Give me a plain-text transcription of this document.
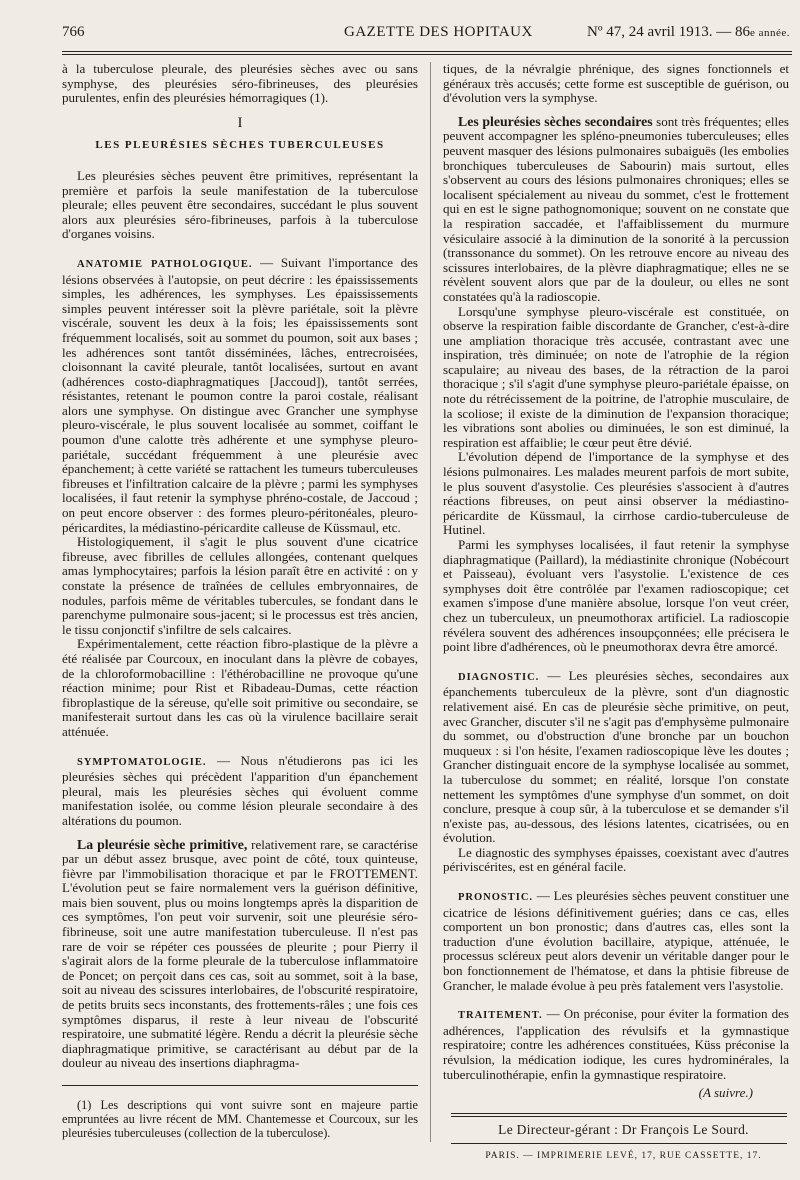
766	GAZETTE DES HOPITAUX	Nº 47, 24 avril 1913. — 86e année.

à la tuberculose pleurale, des pleurésies sèches avec ou sans symphyse, des pleurésies séro-fibrineuses, des pleurésies purulentes, enfin des pleurésies hémorragiques (1).

I
LES PLEURÉSIES SÈCHES TUBERCULEUSES

Les pleurésies sèches peuvent être primitives, représentant la première et parfois la seule manifestation de la tuberculose pleurale; elles peuvent être secondaires, succédant le plus souvent alors aux pleurésies séro-fibrineuses, parfois à la tuberculose d'organes voisins.

ANATOMIE PATHOLOGIQUE. — Suivant l'importance des lésions observées à l'autopsie, on peut décrire : les épaississements simples, les adhérences, les symphyses. Les épaississements simples peuvent intéresser soit la plèvre pariétale, soit la plèvre viscérale, souvent les deux à la fois; les épaississements sont fréquemment localisés, soit au sommet du poumon, soit aux bases ; les adhérences sont tantôt disséminées, lâches, entrecroisées, cloisonnant la cavité pleurale, tantôt localisées, surtout en avant (adhérences costo-diaphragmatiques [Jaccoud]), tantôt serrées, résistantes, retenant le poumon contre la paroi costale, réalisant alors une symphyse. On distingue avec Grancher une symphyse pleuro-viscérale, le plus souvent localisée au sommet, coiffant le poumon d'une calotte très adhérente et une symphyse pleuro-pariétale, succédant fréquemment à une pleurésie avec épanchement; à cette variété se rattachent les tumeurs tuberculeuses fibreuses et l'infiltration calcaire de la plèvre ; parmi les symphyses localisées, il faut retenir la symphyse phréno-costale, de Jaccoud ; on peut encore observer : des formes pleuro-péritonéales, pleuro-péricardites, la médiastino-péricardite calleuse de Küssmaul, etc.

Histologiquement, il s'agit le plus souvent d'une cicatrice fibreuse, avec fibrilles de cellules allongées, contenant quelques amas lymphocytaires; parfois la lésion paraît être en activité : on y constate la présence de traînées de cellules embryonnaires, de nodules, parfois même de véritables tubercules, se fondant dans le parenchyme pulmonaire sous-jacent; si le processus est très ancien, le tissu conjonctif s'infiltre de sels calcaires.

Expérimentalement, cette réaction fibro-plastique de la plèvre a été réalisée par Courcoux, en inoculant dans la plèvre de cobayes, de la chloroformobacilline : l'éthérobacilline ne provoque qu'une réaction minime; pour Rist et Ribadeau-Dumas, cette réaction fibroplastique de la séreuse, qu'elle soit primitive ou secondaire, se manifesterait surtout dans les cas où la virulence bacillaire serait atténuée.

SYMPTOMATOLOGIE. — Nous n'étudierons pas ici les pleurésies sèches qui précèdent l'apparition d'un épanchement pleural, mais les pleurésies sèches qui évoluent comme manifestation isolée, ou comme lésion pleurale secondaire à des altérations du poumon.

La pleurésie sèche primitive, relativement rare, se caractérise par un début assez brusque, avec point de côté, toux quinteuse, fièvre par l'immobilisation thoracique et par le FROTTEMENT. L'évolution peut se faire normalement vers la guérison définitive, mais bien souvent, plus ou moins longtemps après la disparition de ces symptômes, l'on peut voir survenir, soit une pleurésie séro-fibrineuse, soit une autre manifestation tuberculeuse. Il n'est pas rare de voir se répéter ces poussées de pleurite ; pour Pierry il s'agirait alors de la forme pleurale de la tuberculose inflammatoire de Poncet; on perçoit dans ces cas, soit au sommet, soit à la base, soit au niveau des scissures interlobaires, de l'obscurité respiratoire, de petits bruits secs inconstants, des frottements-râles ; une fois ces symptômes disparus, il reste à leur niveau de l'obscurité respiratoire, une submatité légère. Rendu a décrit la pleurésie sèche diaphragmatique primitive, se caractérisant au début par de la douleur au niveau des insertions diaphragma-

(1) Les descriptions qui vont suivre sont en majeure partie empruntées au livre récent de MM. Chantemesse et Courcoux, sur les pleurésies tuberculeuses (collection de la tuberculose).

tiques, de la névralgie phrénique, des signes fonctionnels et généraux très accusés; cette forme est susceptible de guérison, ou d'évolution vers la symphyse.

Les pleurésies sèches secondaires sont très fréquentes; elles peuvent accompagner les spléno-pneumonies tuberculeuses; elles peuvent masquer des lésions pulmonaires subaiguës (les embolies bronchiques tuberculeuses de Sabourin) mais surtout, elles s'observent au cours des lésions pulmonaires chroniques; elles se localisent spécialement au niveau du sommet, c'est le frottement qui en est le signe pathognomonique; souvent on ne constate que la respiration saccadée, et l'affaiblissement du murmure vésiculaire associé à la diminution de la sonorité à la percussion (transsonance du sommet). On les retrouve encore au niveau des scissures interlobaires, de la plèvre diaphragmatique; elles ne se révèlent souvent alors que par de la douleur, ou elles ne sont constatées qu'à la radioscopie.

Lorsqu'une symphyse pleuro-viscérale est constituée, on observe la respiration faible discordante de Grancher, c'est-à-dire une ampliation thoracique très accusée, contrastant avec une inspiration, très diminuée; on note de l'atrophie de la région scapulaire; au niveau des bases, de la rétraction de la paroi thoracique ; s'il s'agit d'une symphyse pleuro-pariétale épaisse, on note du rétrécissement de la poitrine, de l'atrophie musculaire, de la scoliose; il existe de la diminution de l'expansion thoracique; les vibrations sont abolies ou diminuées, le son est diminué, la respiration est affaiblie; le cœur peut être dévié.

L'évolution dépend de l'importance de la symphyse et des lésions pulmonaires. Les malades meurent parfois de mort subite, le plus souvent d'asystolie. Ces pleurésies s'associent à d'autres réactions fibreuses, on peut ainsi observer la médiastino-péricardite de Küssmaul, la cirrhose cardio-tuberculeuse de Hutinel.

Parmi les symphyses localisées, il faut retenir la symphyse diaphragmatique (Paillard), la médiastinite chronique (Nobécourt et Paisseau), évoluant vers l'asystolie. L'existence de ces symphyses doit être contrôlée par l'examen radioscopique; cet examen s'impose d'une manière absolue, lorsque l'on veut créer, chez un tuberculeux, un pneumothorax artificiel. La radioscopie révélera souvent des adhérences insoupçonnées; elle précisera le point libre d'adhérences, où le pneumothorax devra être amorcé.

DIAGNOSTIC. — Les pleurésies sèches, secondaires aux épanchements tuberculeux de la plèvre, sont d'un diagnostic relativement aisé. En cas de pleurésie sèche primitive, on peut, avec Grancher, discuter s'il ne s'agit pas d'emphysème pulmonaire du sommet, ou d'obstruction d'une bronche par un bouchon muqueux : si l'on hésite, l'examen radioscopique lève les doutes ; Grancher distinguait encore de la symphyse localisée au sommet, la tuberculose du sommet; en réalité, lorsque l'on constate nettement les symptômes d'une symphyse d'un sommet, on doit conclure, presque à coup sûr, à la tuberculose et se demander s'il n'existe pas, au-dessous, des lésions latentes, cicatrisées, ou en évolution.

Le diagnostic des symphyses épaisses, coexistant avec d'autres périviscérites, est en général facile.

PRONOSTIC. — Les pleurésies sèches peuvent constituer une cicatrice de lésions définitivement guéries; dans ce cas, elles comportent un bon pronostic; dans d'autres cas, elles sont la traduction d'une évolution bacillaire, atypique, atténuée, le processus scléreux peut alors devenir un véritable danger pour le bon fonctionnement de l'hématose, et dans la phtisie fibreuse de Grancher, le malade évolue à peu près fatalement vers l'asystolie.

TRAITEMENT. — On préconise, pour éviter la formation des adhérences, l'application des révulsifs et la gymnastique respiratoire; contre les adhérences constituées, Küss préconise la révulsion, la médication iodique, les cures hydrominérales, la tuberculinothérapie, enfin la gymnastique respiratoire.

(A suivre.)

Le Directeur-gérant : Dr François Le Sourd.

PARIS. — IMPRIMERIE LEVÉ, 17, RUE CASSETTE, 17.
